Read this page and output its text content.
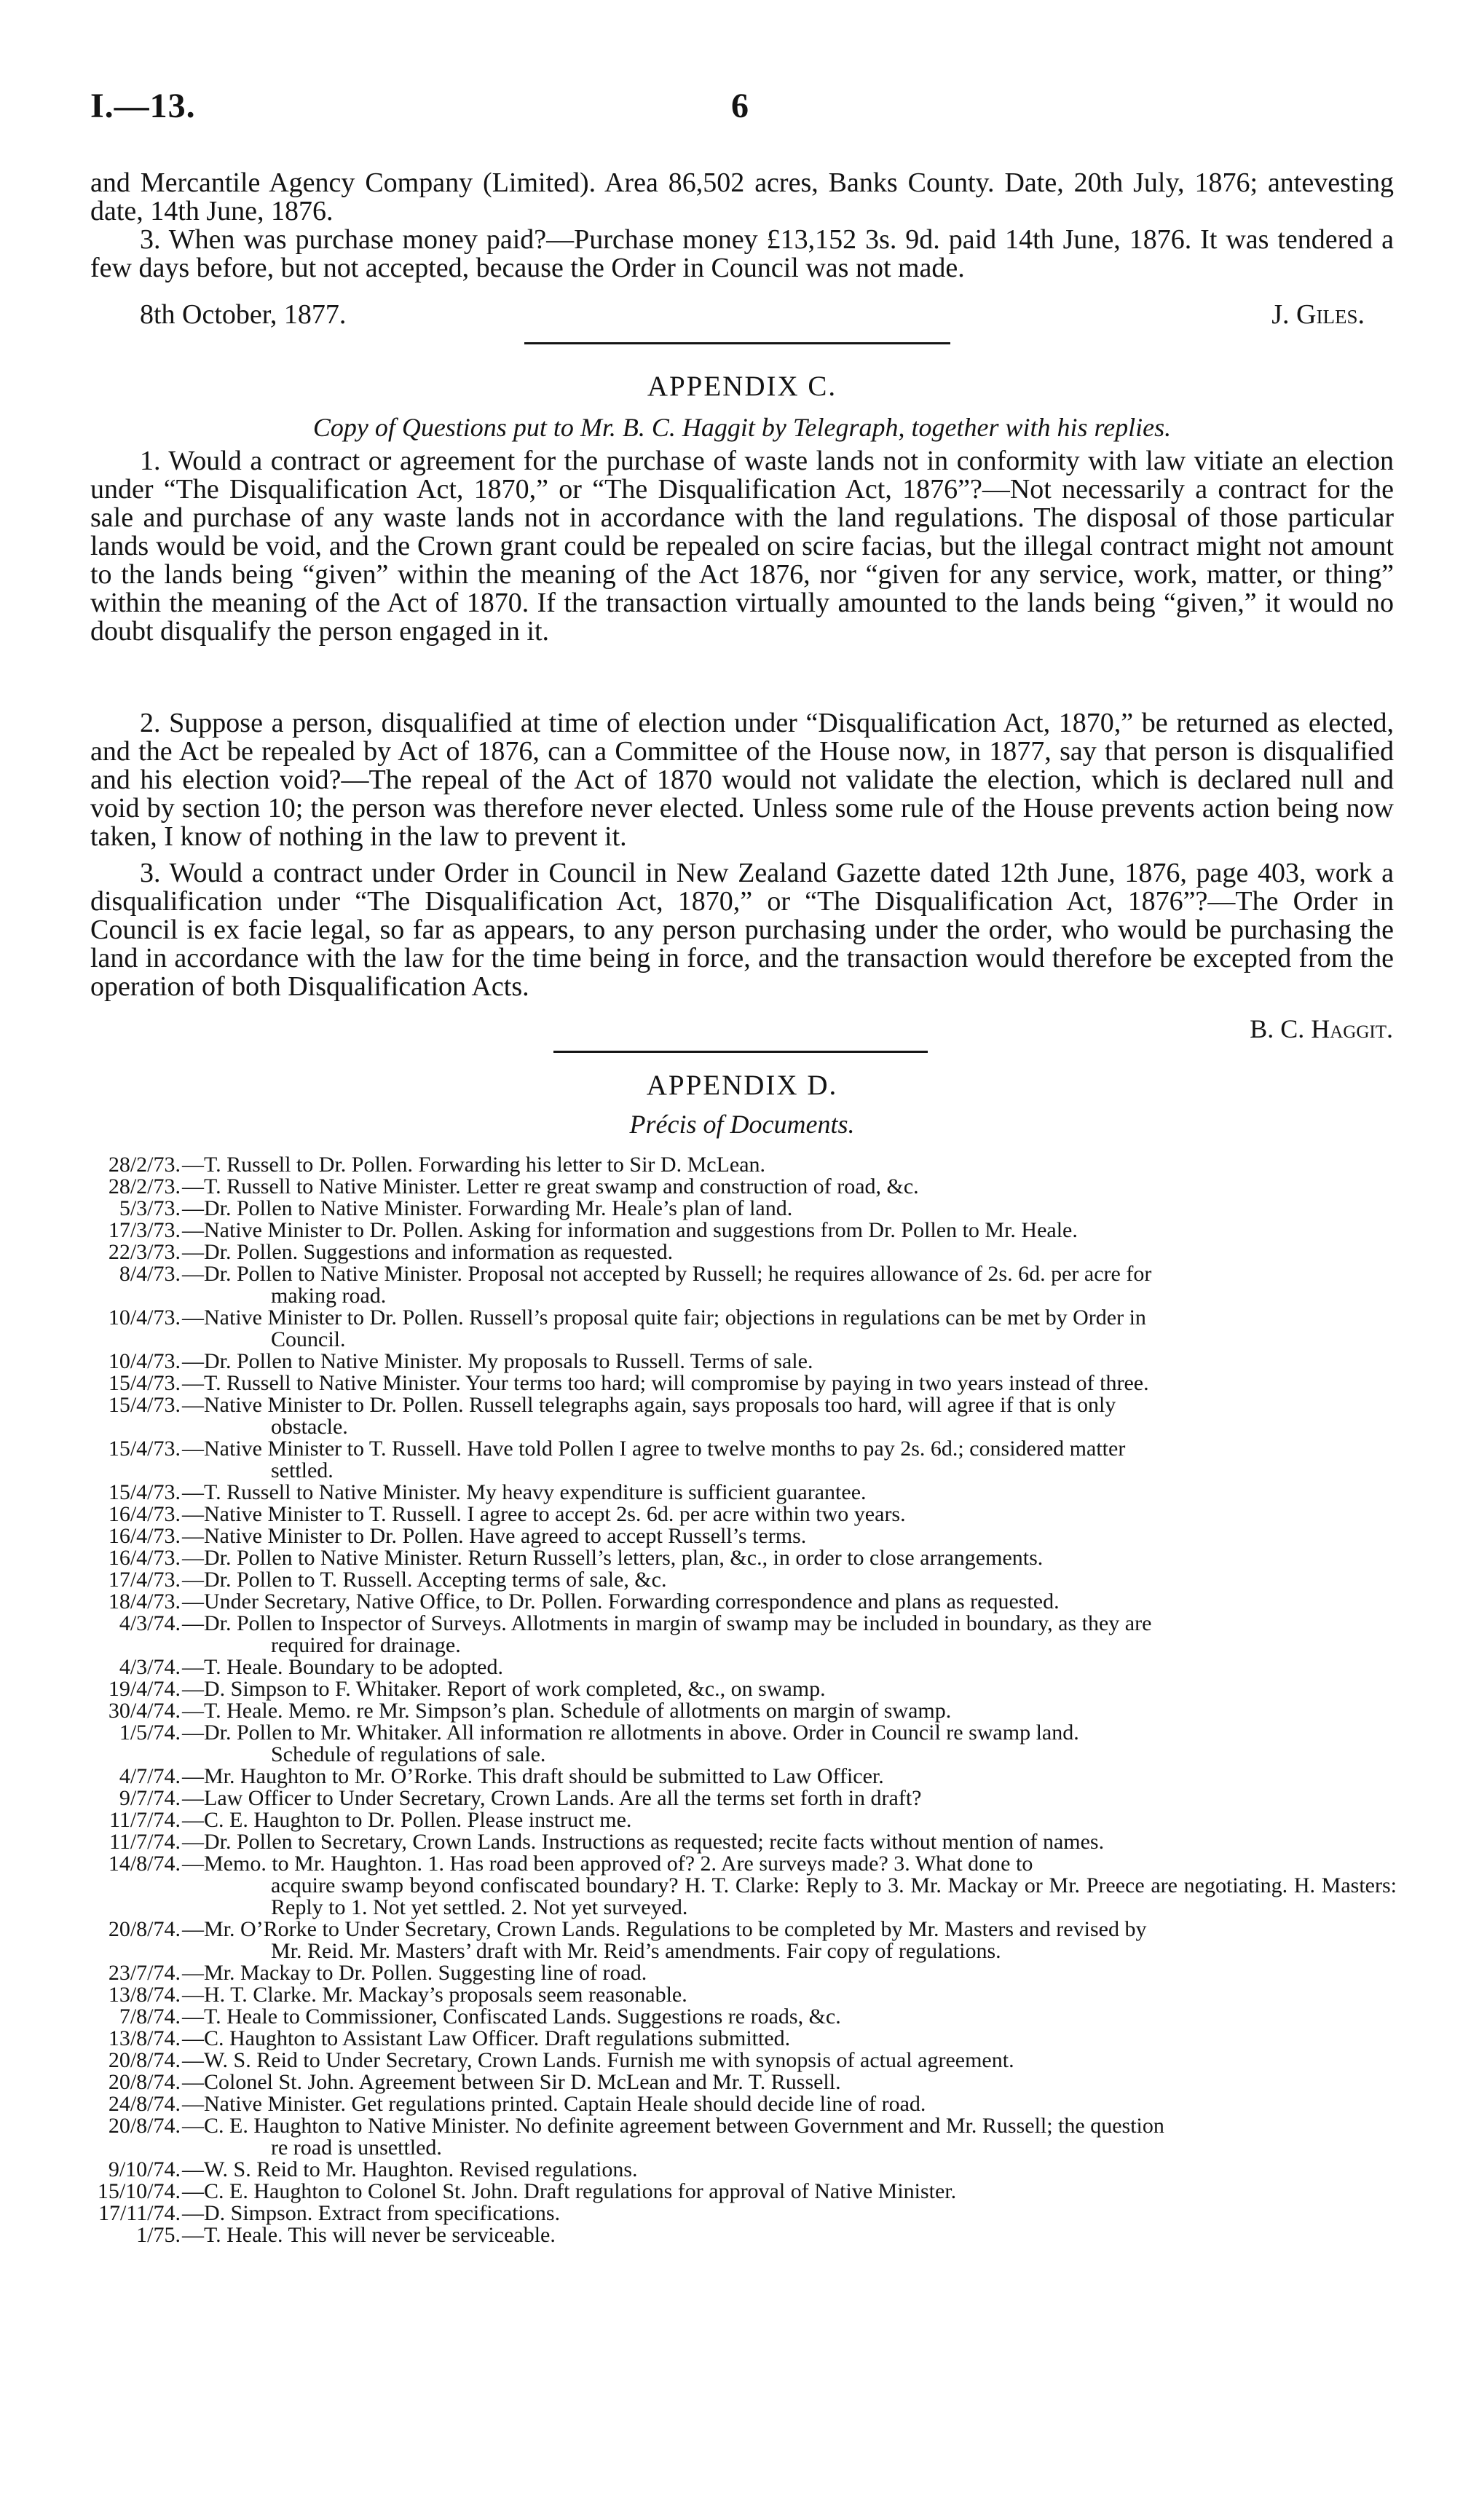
I.—13.	6

and Mercantile Agency Company (Limited). Area 86,502 acres, Banks County. Date, 20th July, 1876; antevesting date, 14th June, 1876.

3. When was purchase money paid?—Purchase money £13,152 3s. 9d. paid 14th June, 1876. It was tendered a few days before, but not accepted, because the Order in Council was not made.

8th October, 1877.	J. Giles.
APPENDIX C.
Copy of Questions put to Mr. B. C. Haggit by Telegraph, together with his replies.

1. Would a contract or agreement for the purchase of waste lands not in conformity with law vitiate an election under “The Disqualification Act, 1870,” or “The Disqualification Act, 1876”?—Not necessarily a contract for the sale and purchase of any waste lands not in accordance with the land regulations. The disposal of those particular lands would be void, and the Crown grant could be repealed on scire facias, but the illegal contract might not amount to the lands being “given” within the meaning of the Act 1876, nor “given for any service, work, matter, or thing” within the meaning of the Act of 1870. If the transaction virtually amounted to the lands being “given,” it would no doubt disqualify the person engaged in it.

2. Suppose a person, disqualified at time of election under “Disqualification Act, 1870,” be returned as elected, and the Act be repealed by Act of 1876, can a Committee of the House now, in 1877, say that person is disqualified and his election void?—The repeal of the Act of 1870 would not validate the election, which is declared null and void by section 10; the person was therefore never elected. Unless some rule of the House prevents action being now taken, I know of nothing in the law to prevent it.

3. Would a contract under Order in Council in New Zealand Gazette dated 12th June, 1876, page 403, work a disqualification under “The Disqualification Act, 1870,” or “The Disqualification Act, 1876”?—The Order in Council is ex facie legal, so far as appears, to any person purchasing under the order, who would be purchasing the land in accordance with the law for the time being in force, and the transaction would therefore be excepted from the operation of both Disqualification Acts.

B. C. Haggit.
APPENDIX D.
Précis of Documents.
28/2/73. —T. Russell to Dr. Pollen. Forwarding his letter to Sir D. McLean.
28/2/73. —T. Russell to Native Minister. Letter re great swamp and construction of road, &c.
5/3/73. —Dr. Pollen to Native Minister. Forwarding Mr. Heale’s plan of land.
17/3/73. —Native Minister to Dr. Pollen. Asking for information and suggestions from Dr. Pollen to Mr. Heale.
22/3/73. —Dr. Pollen. Suggestions and information as requested.
8/4/73. —Dr. Pollen to Native Minister. Proposal not accepted by Russell; he requires allowance of 2s. 6d. per acre for
making road.
10/4/73. —Native Minister to Dr. Pollen. Russell’s proposal quite fair; objections in regulations can be met by Order in
Council.
10/4/73. —Dr. Pollen to Native Minister. My proposals to Russell. Terms of sale.
15/4/73. —T. Russell to Native Minister. Your terms too hard; will compromise by paying in two years instead of three.
15/4/73. —Native Minister to Dr. Pollen. Russell telegraphs again, says proposals too hard, will agree if that is only
obstacle.
15/4/73. —Native Minister to T. Russell. Have told Pollen I agree to twelve months to pay 2s. 6d.; considered matter
settled.
15/4/73. —T. Russell to Native Minister. My heavy expenditure is sufficient guarantee.
16/4/73. —Native Minister to T. Russell. I agree to accept 2s. 6d. per acre within two years.
16/4/73. —Native Minister to Dr. Pollen. Have agreed to accept Russell’s terms.
16/4/73. —Dr. Pollen to Native Minister. Return Russell’s letters, plan, &c., in order to close arrangements.
17/4/73. —Dr. Pollen to T. Russell. Accepting terms of sale, &c.
18/4/73. —Under Secretary, Native Office, to Dr. Pollen. Forwarding correspondence and plans as requested.
4/3/74. —Dr. Pollen to Inspector of Surveys. Allotments in margin of swamp may be included in boundary, as they are
required for drainage.
4/3/74. —T. Heale. Boundary to be adopted.
19/4/74. —D. Simpson to F. Whitaker. Report of work completed, &c., on swamp.
30/4/74. —T. Heale. Memo. re Mr. Simpson’s plan. Schedule of allotments on margin of swamp.
1/5/74. —Dr. Pollen to Mr. Whitaker. All information re allotments in above. Order in Council re swamp land.
Schedule of regulations of sale.
4/7/74. —Mr. Haughton to Mr. O’Rorke. This draft should be submitted to Law Officer.
9/7/74. —Law Officer to Under Secretary, Crown Lands. Are all the terms set forth in draft?
11/7/74. —C. E. Haughton to Dr. Pollen. Please instruct me.
11/7/74. —Dr. Pollen to Secretary, Crown Lands. Instructions as requested; recite facts without mention of names.
14/8/74. —Memo. to Mr. Haughton. 1. Has road been approved of? 2. Are surveys made? 3. What done to
acquire swamp beyond confiscated boundary? H. T. Clarke: Reply to 3. Mr. Mackay or Mr. Preece are negotiating. H. Masters: Reply to 1. Not yet settled. 2. Not yet surveyed.
20/8/74. —Mr. O’Rorke to Under Secretary, Crown Lands. Regulations to be completed by Mr. Masters and revised by
Mr. Reid. Mr. Masters’ draft with Mr. Reid’s amendments. Fair copy of regulations.
23/7/74. —Mr. Mackay to Dr. Pollen. Suggesting line of road.
13/8/74. —H. T. Clarke. Mr. Mackay’s proposals seem reasonable.
7/8/74. —T. Heale to Commissioner, Confiscated Lands. Suggestions re roads, &c.
13/8/74. —C. Haughton to Assistant Law Officer. Draft regulations submitted.
20/8/74. —W. S. Reid to Under Secretary, Crown Lands. Furnish me with synopsis of actual agreement.
20/8/74. —Colonel St. John. Agreement between Sir D. McLean and Mr. T. Russell.
24/8/74. —Native Minister. Get regulations printed. Captain Heale should decide line of road.
20/8/74. —C. E. Haughton to Native Minister. No definite agreement between Government and Mr. Russell; the question
re road is unsettled.
9/10/74. —W. S. Reid to Mr. Haughton. Revised regulations.
15/10/74. —C. E. Haughton to Colonel St. John. Draft regulations for approval of Native Minister.
17/11/74. —D. Simpson. Extract from specifications.
1/75. —T. Heale. This will never be serviceable.
